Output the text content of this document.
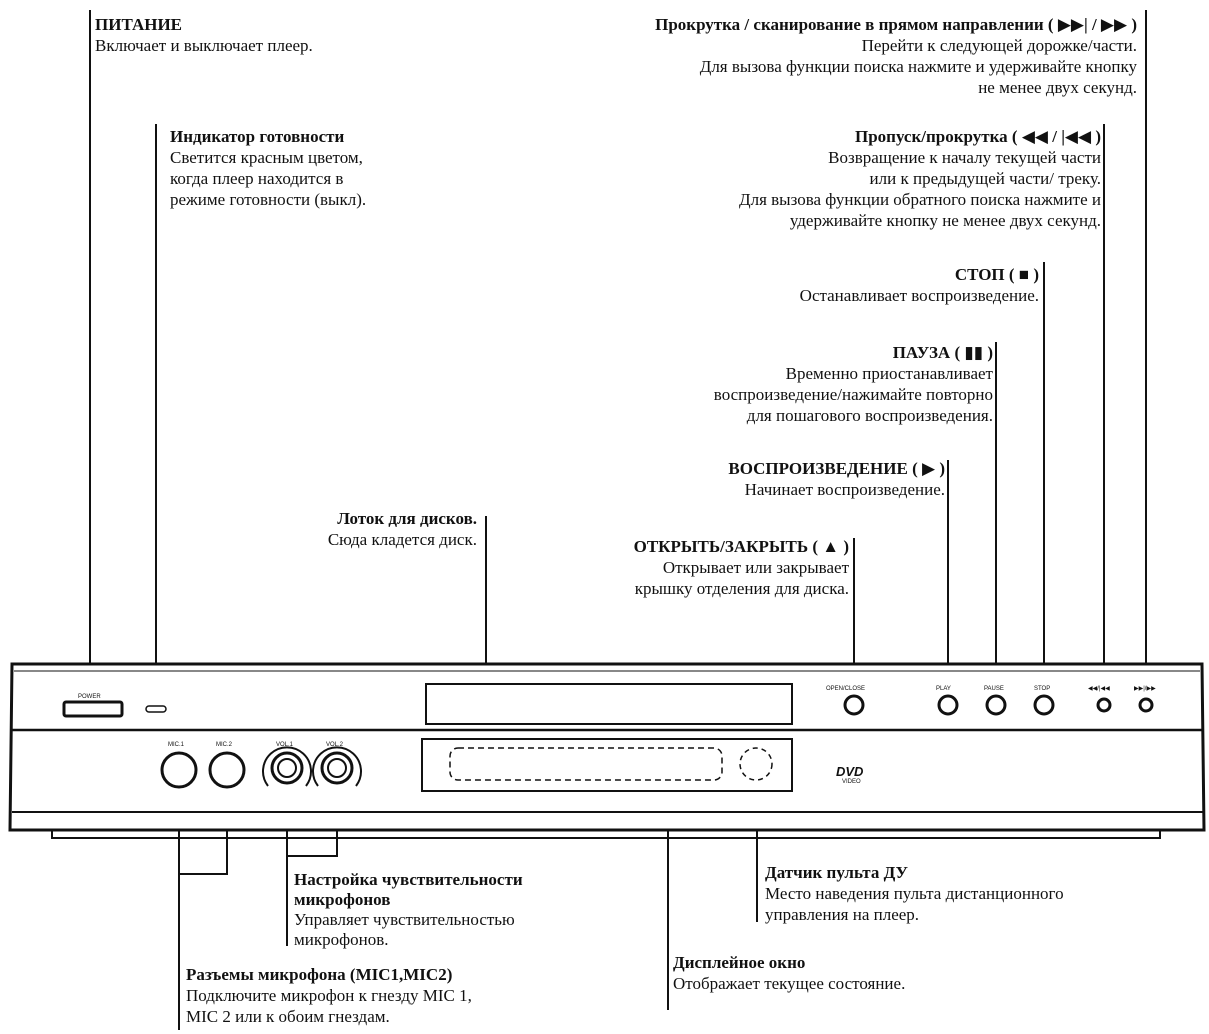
POWER
OPEN/CLOSE	PLAY	PAUSE	STOP	◀◀/|◀◀	▶▶|/▶▶
MIC.1	MIC.2	VOL.1	VOL.2
DVD
VIDEO
ПИТАНИЕ
Включает и выключает плеер.
Индикатор готовности
Светится красным цветом,
когда плеер находится в
режиме готовности (выкл).
Прокрутка / сканирование в прямом направлении ( ▶▶| / ▶▶ )
Перейти к следующей дорожке/части.
Для вызова функции поиска нажмите и удерживайте кнопку
не менее двух секунд.
Пропуск/прокрутка ( ◀◀ / |◀◀ )
Возвращение к началу текущей части
или к предыдущей части/ треку.
Для вызова функции обратного поиска нажмите и
удерживайте кнопку не менее двух секунд.
СТОП ( ■ )
Останавливает воспроизведение.
ПАУЗА ( ▮▮ )
Временно приостанавливает
воспроизведение/нажимайте повторно
для пошагового воспроизведения.
ВОСПРОИЗВЕДЕНИЕ ( ▶ )
Начинает воспроизведение.
Лоток для дисков.
Сюда кладется диск.	ОТКРЫТЬ/ЗАКРЫТЬ ( ▲ )
Открывает или закрывает
крышку отделения для диска.
Датчик пульта ДУ
Место наведения пульта дистанционного
управления на плеер.
Настройка чувствительности
микрофонов
Управляет чувствительностью
микрофонов.
Дисплейное окно
Отображает текущее состояние.
Разъемы микрофона (MIC1,MIC2)
Подключите микрофон к гнезду MIC 1,
MIC 2 или к обоим гнездам.
